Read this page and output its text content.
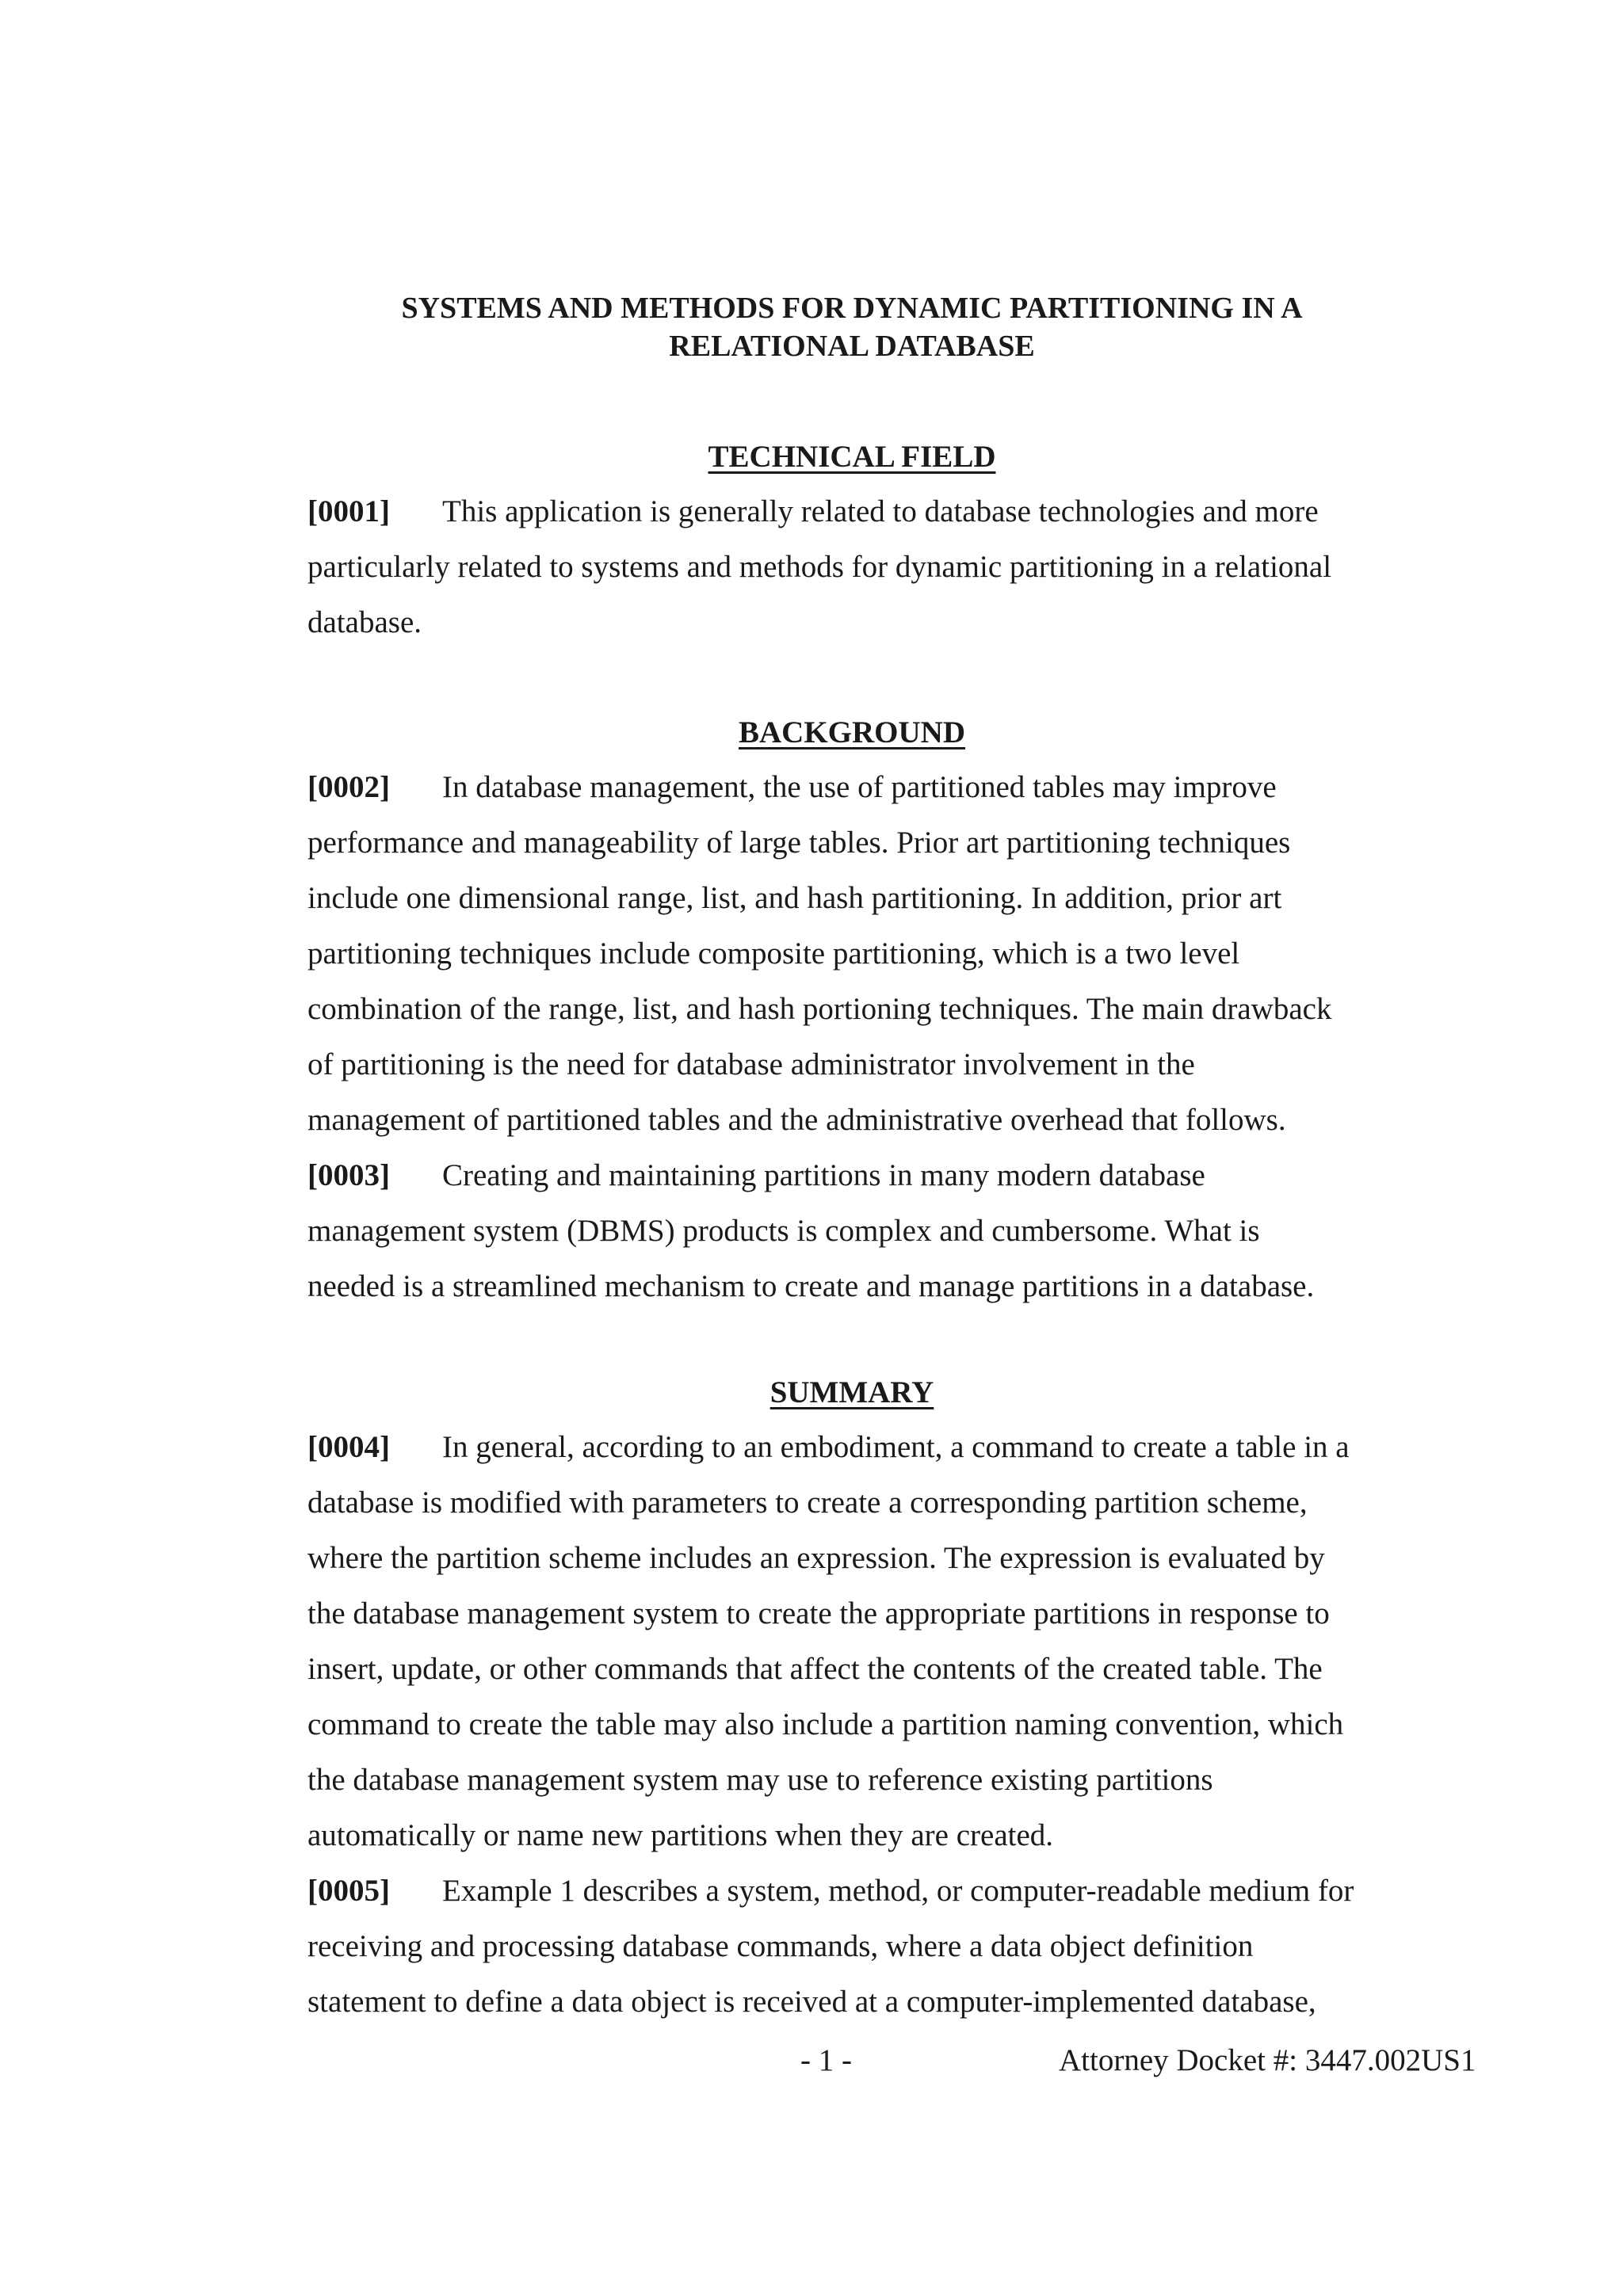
SYSTEMS AND METHODS FOR DYNAMIC PARTITIONING IN A
RELATIONAL DATABASE
TECHNICAL FIELD
[0001] This application is generally related to database technologies and more
particularly related to systems and methods for dynamic partitioning in a relational
database.
BACKGROUND
[0002] In database management, the use of partitioned tables may improve
performance and manageability of large tables. Prior art partitioning techniques
include one dimensional range, list, and hash partitioning. In addition, prior art
partitioning techniques include composite partitioning, which is a two level
combination of the range, list, and hash portioning techniques. The main drawback
of partitioning is the need for database administrator involvement in the
management of partitioned tables and the administrative overhead that follows.
[0003] Creating and maintaining partitions in many modern database
management system (DBMS) products is complex and cumbersome. What is
needed is a streamlined mechanism to create and manage partitions in a database.
SUMMARY
[0004] In general, according to an embodiment, a command to create a table in a
database is modified with parameters to create a corresponding partition scheme,
where the partition scheme includes an expression. The expression is evaluated by
the database management system to create the appropriate partitions in response to
insert, update, or other commands that affect the contents of the created table. The
command to create the table may also include a partition naming convention, which
the database management system may use to reference existing partitions
automatically or name new partitions when they are created.
[0005] Example 1 describes a system, method, or computer-readable medium for
receiving and processing database commands, where a data object definition
statement to define a data object is received at a computer-implemented database,
- 1 -	Attorney Docket #: 3447.002US1
